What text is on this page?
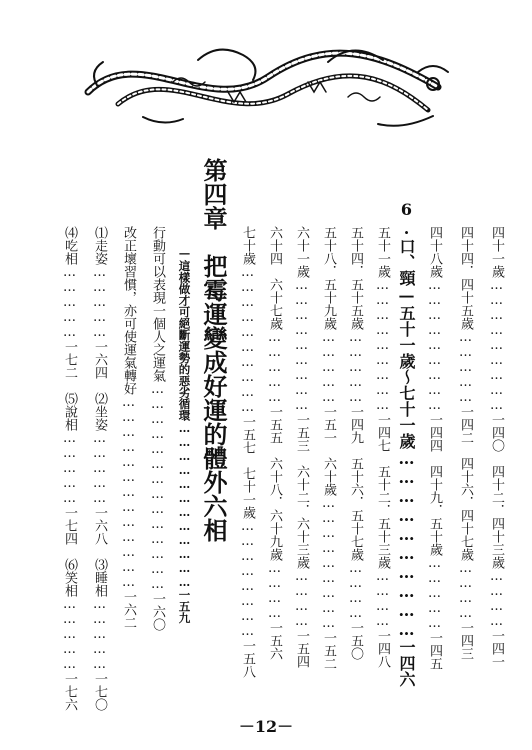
四十一歲………………………一四〇　四十二．四十三歲…………一四一
四十四．四十五歲……………一四二　四十六．四十七歲…………一四三
四十八歲………………………一四四　四十九．五十歲……………一四五
6.口、頸—五十一歲〜七十一歲…………………………一四六
五十一歲………………………一四七　五十二．五十三歲…………一四八
五十四．五十五歲……………一四九　五十六．五十七歲…………一五〇
五十八．五十九歲……………一五一　六十歲………………………一五二
六十一歲………………………一五三　六十二．六十三歲…………一五四
六十四　六十七歲……………一五五　六十八．六十九歲…………一五六
七十歲…………………………一五七　七十一歲……………………一五八
第四章　把霉運變成好運的體外六相
—這樣做才可絕斷運勢的惡劣循環………………………………一五九
行動可以表現一個人之運氣……………………………………一六〇
改正壞習慣，亦可使運氣轉好…………………………………一六二
⑴走姿……………一六四　⑵坐姿……………一六八　⑶睡相……………一七〇
⑷吃相……………一七二　⑸說相……………一七四　⑹笑相……………一七六
－12－
